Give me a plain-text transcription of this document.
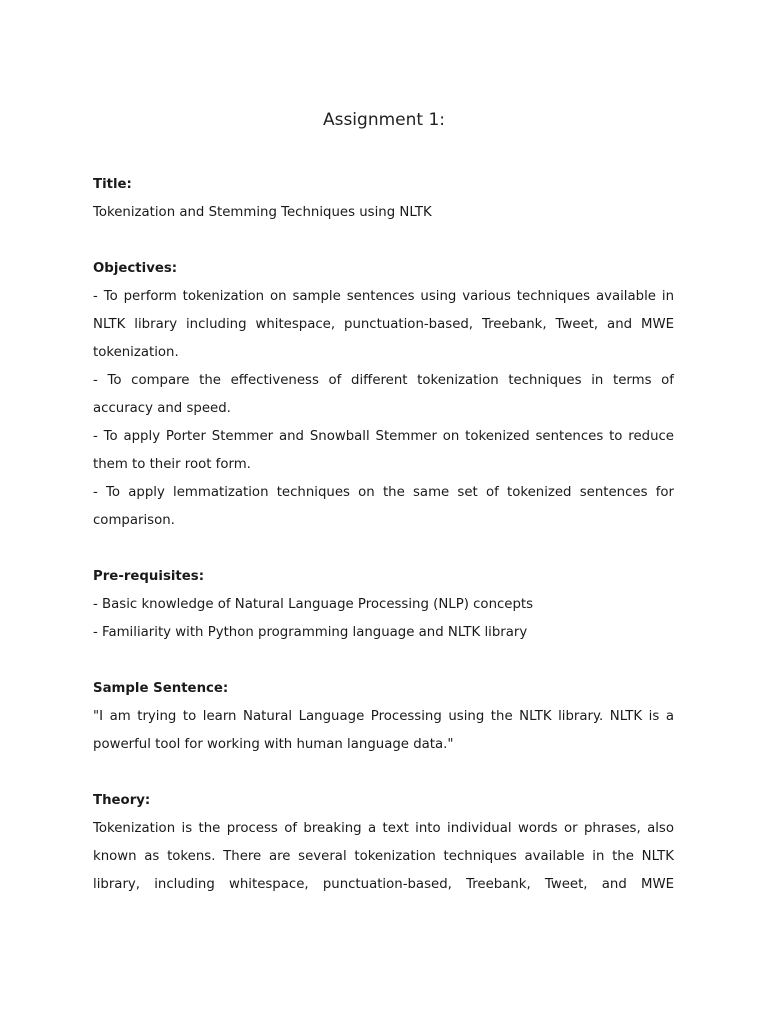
Assignment 1:

Title:

Tokenization and Stemming Techniques using NLTK

Objectives:

- To perform tokenization on sample sentences using various techniques available in NLTK library including whitespace, punctuation-based, Treebank, Tweet, and MWE tokenization.

- To compare the effectiveness of different tokenization techniques in terms of accuracy and speed.

- To apply Porter Stemmer and Snowball Stemmer on tokenized sentences to reduce them to their root form.

- To apply lemmatization techniques on the same set of tokenized sentences for comparison.

Pre-requisites:

- Basic knowledge of Natural Language Processing (NLP) concepts

- Familiarity with Python programming language and NLTK library

Sample Sentence:

"I am trying to learn Natural Language Processing using the NLTK library. NLTK is a powerful tool for working with human language data."

Theory:

Tokenization is the process of breaking a text into individual words or phrases, also known as tokens. There are several tokenization techniques available in the NLTK library, including whitespace, punctuation-based, Treebank, Tweet, and MWE
